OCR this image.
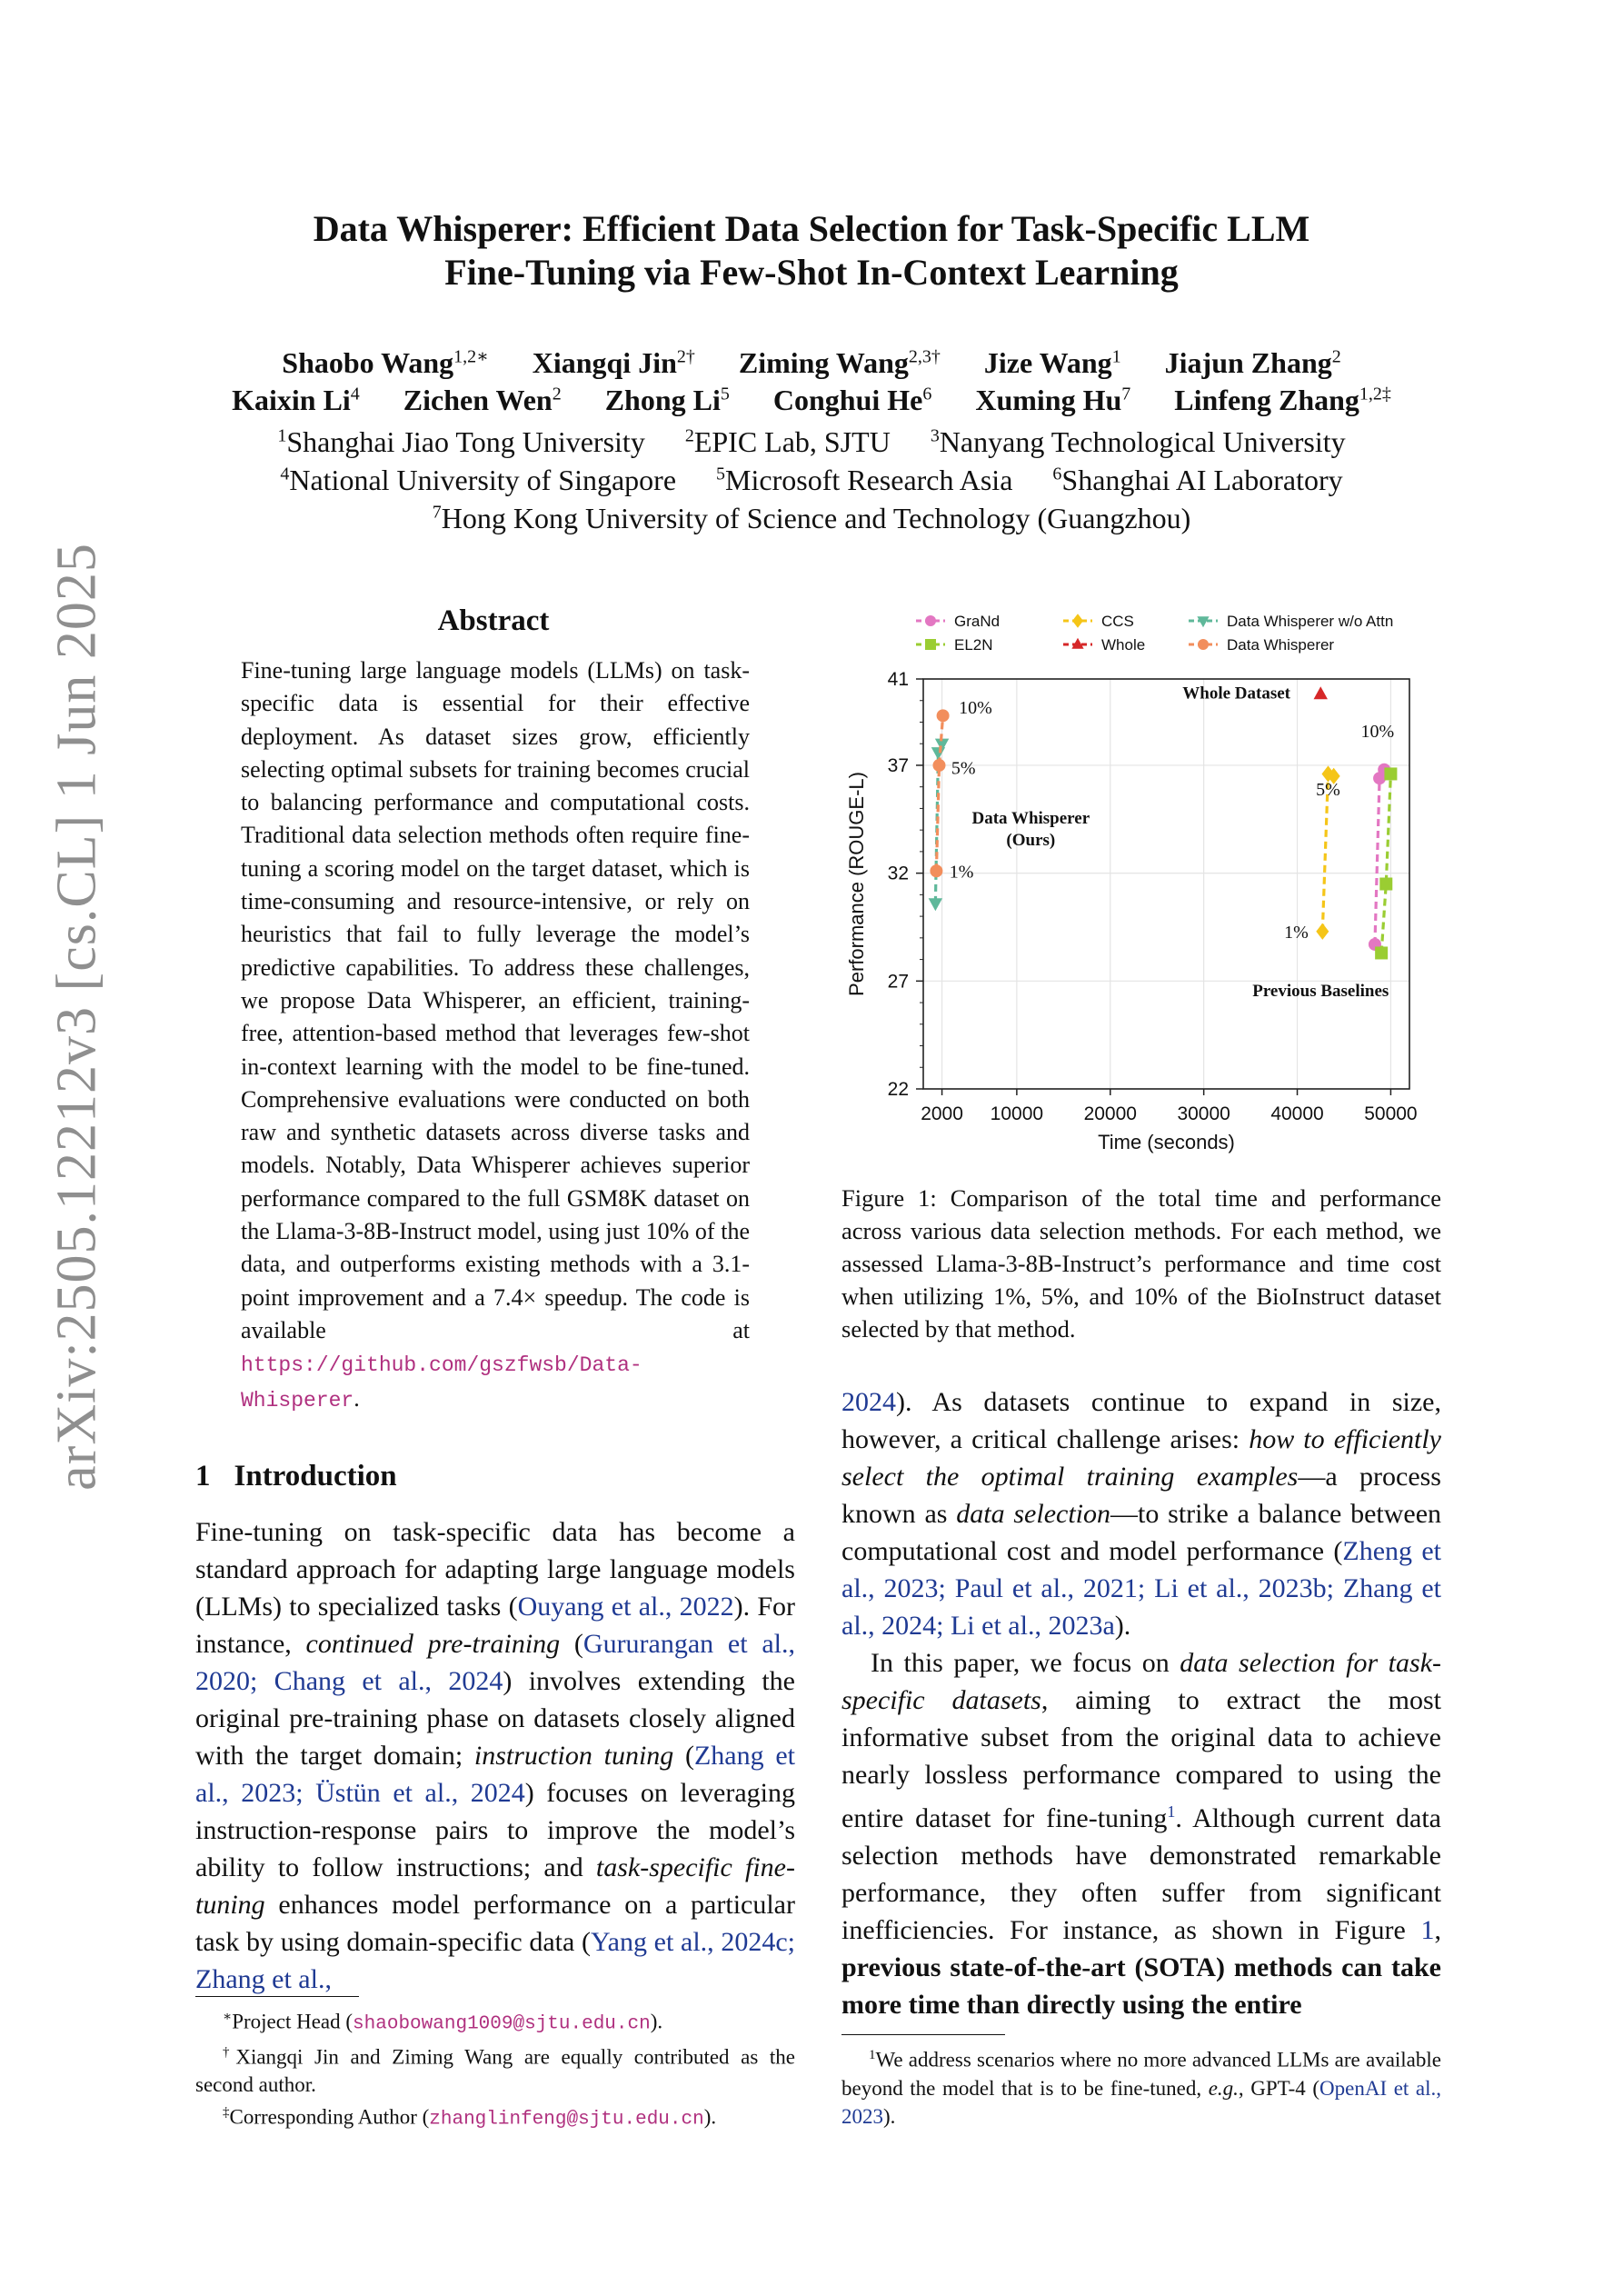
arXiv:2505.12212v3 [cs.CL] 1 Jun 2025
Data Whisperer: Efficient Data Selection for Task-Specific LLM
Fine-Tuning via Few-Shot In-Context Learning
Shaobo Wang$^{1,2∗}$ Xiangqi Jin$^{2\dagger}$ Ziming Wang$^{2,3\dagger}$ Jize Wang$^1$ Jiajun Zhang$^2$
Kaixin Li$^4$ Zichen Wen$^2$ Zhong Li$^5$ Conghui He$^6$ Xuming Hu$^7$ Linfeng Zhang$^{1,2\ddagger}$
$^1$Shanghai Jiao Tong University $^2$EPIC Lab, SJTU $^3$Nanyang Technological University
$^4$National University of Singapore $^5$Microsoft Research Asia $^6$Shanghai AI Laboratory
$^7$Hong Kong University of Science and Technology (Guangzhou)
Abstract
Fine-tuning large language models (LLMs) on task-specific data is essential for their effective deployment. As dataset sizes grow, efficiently selecting optimal subsets for training becomes crucial to balancing performance and computational costs. Traditional data selection methods often require fine-tuning a scoring model on the target dataset, which is time-consuming and resource-intensive, or rely on heuristics that fail to fully leverage the model’s predictive capabilities. To address these challenges, we propose Data Whisperer, an efficient, training-free, attention-based method that leverages few-shot in-context learning with the model to be fine-tuned. Comprehensive evaluations were conducted on both raw and synthetic datasets across diverse tasks and models. Notably, Data Whisperer achieves superior performance compared to the full GSM8K dataset on the Llama-3-8B-Instruct model, using just 10% of the data, and outperforms existing methods with a 3.1-point improvement and a 7.4× speedup. The code is available at https://github.com/gszfwsb/Data-Whisperer.
1 Introduction
Fine-tuning on task-specific data has become a standard approach for adapting large language models (LLMs) to specialized tasks (Ouyang et al., 2022). For instance, continued pre-training (Gururangan et al., 2020; Chang et al., 2024) involves extending the original pre-training phase on datasets closely aligned with the target domain; instruction tuning (Zhang et al., 2023; Üstün et al., 2024) focuses on leveraging instruction-response pairs to improve the model’s ability to follow instructions; and task-specific fine-tuning enhances model performance on a particular task by using domain-specific data (Yang et al., 2024c; Zhang et al.,
∗Project Head (shaobowang1009@sjtu.edu.cn).
†Xiangqi Jin and Ziming Wang are equally contributed as the second author.
‡Corresponding Author (zhanglinfeng@sjtu.edu.cn).
GraNd
EL2N
CCS
Whole
Data Whisperer w/o Attn
Data Whisperer
2000 10000 20000 30000 40000 50000
22
27
32
37
41
10%
5%
1%
Data Whisperer
(Ours)
Whole Dataset
10%
5%
1%
Previous Baselines
Time (seconds)
Performance (ROUGE-L)
Figure 1: Comparison of the total time and performance across various data selection methods. For each method, we assessed Llama-3-8B-Instruct’s performance and time cost when utilizing 1%, 5%, and 10% of the BioInstruct dataset selected by that method.

2024). As datasets continue to expand in size, however, a critical challenge arises: how to efficiently select the optimal training examples—a process known as data selection—to strike a balance between computational cost and model performance (Zheng et al., 2023; Paul et al., 2021; Li et al., 2023b; Zhang et al., 2024; Li et al., 2023a).

In this paper, we focus on data selection for task-specific datasets, aiming to extract the most informative subset from the original data to achieve nearly lossless performance compared to using the entire dataset for fine-tuning$^1$. Although current data selection methods have demonstrated remarkable performance, they often suffer from significant inefficiencies. For instance, as shown in Figure 1, previous state-of-the-art (SOTA) methods can take more time than directly using the entire

$^1$We address scenarios where no more advanced LLMs are available beyond the model that is to be fine-tuned, e.g., GPT-4 (OpenAI et al., 2023).
